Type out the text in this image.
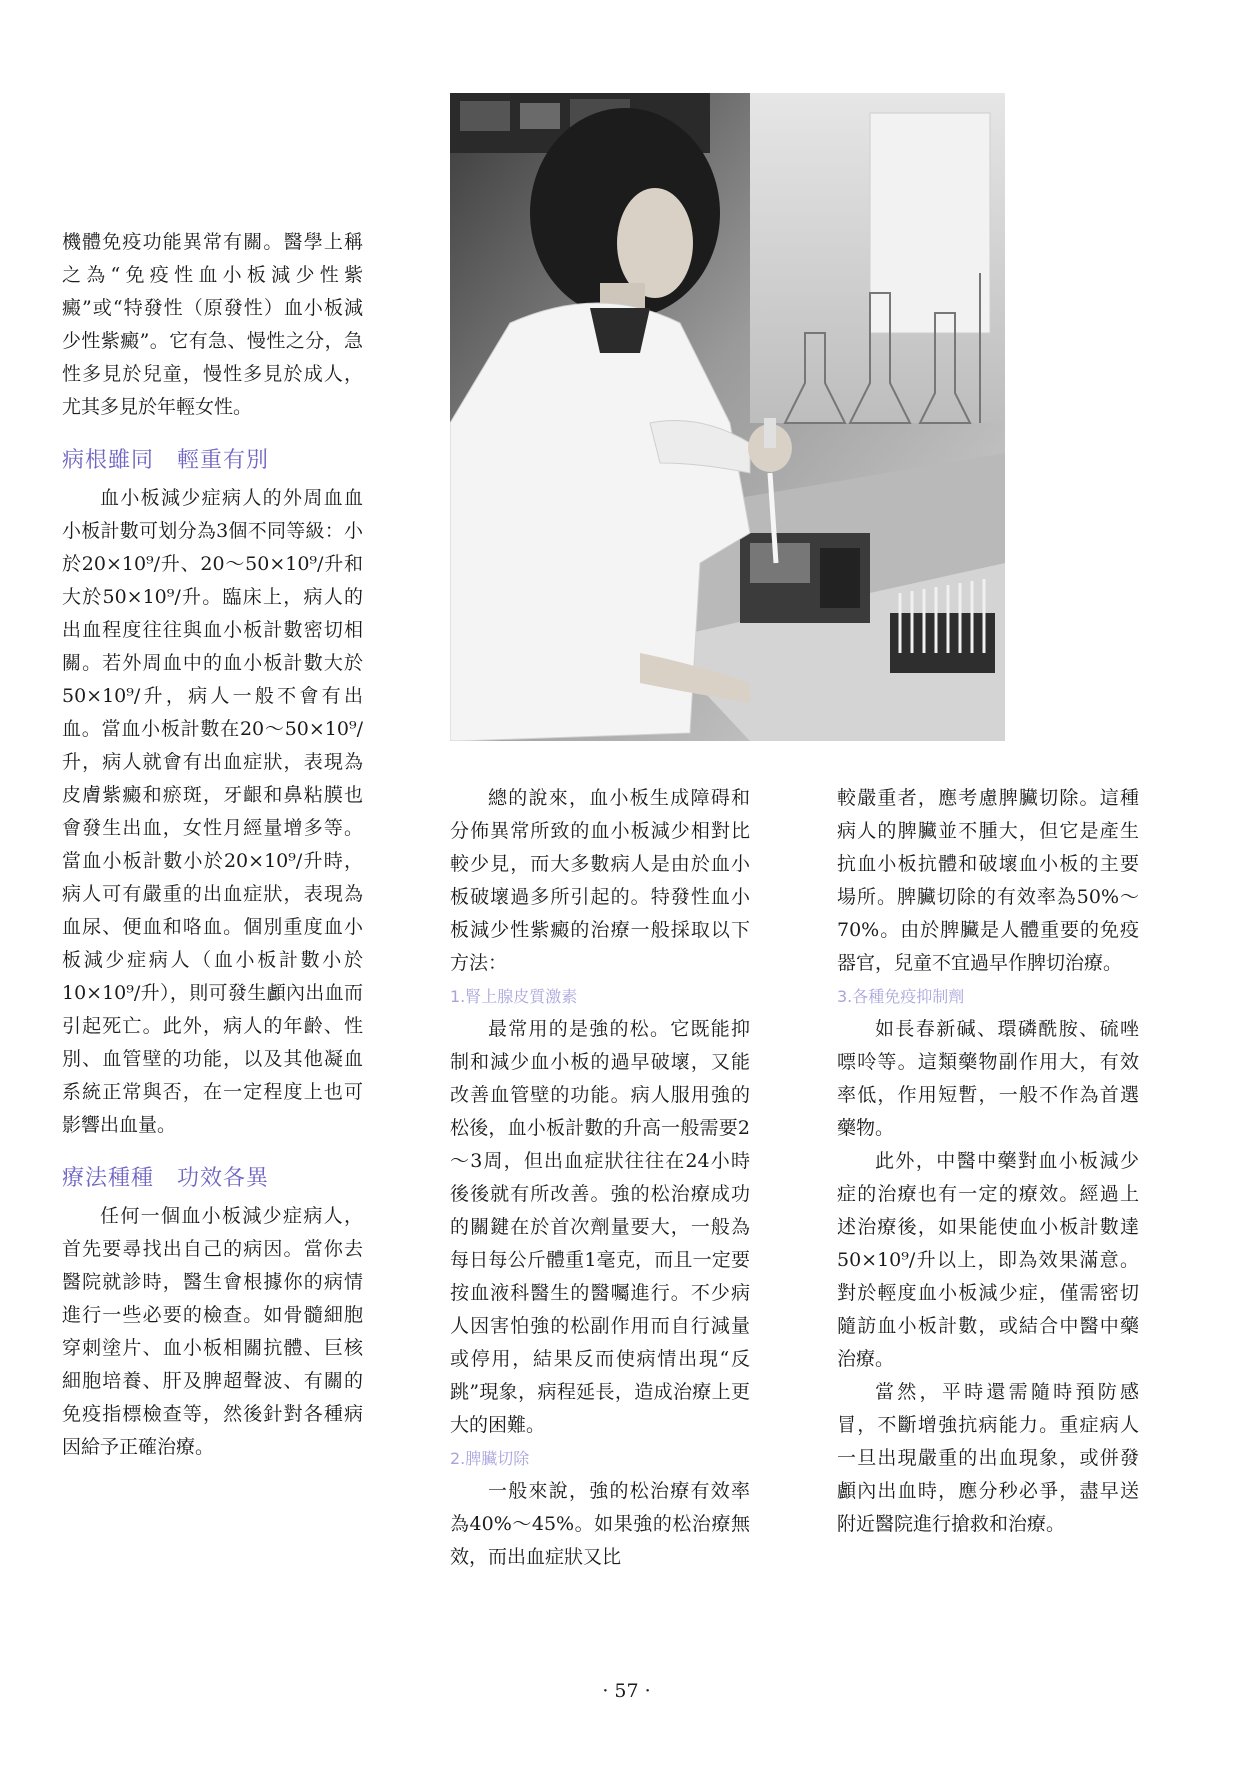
機體免疫功能異常有關。醫學上稱之為“免疫性血小板減少性紫癜”或“特發性（原發性）血小板減少性紫癜”。它有急、慢性之分，急性多見於兒童，慢性多見於成人，尤其多見於年輕女性。

病根雖同　輕重有別

血小板減少症病人的外周血血小板計數可划分為3個不同等級：小於20×10⁹/升、20～50×10⁹/升和大於50×10⁹/升。臨床上，病人的出血程度往往與血小板計數密切相關。若外周血中的血小板計數大於50×10⁹/升，病人一般不會有出血。當血小板計數在20～50×10⁹/升，病人就會有出血症狀，表現為皮膚紫癜和瘀斑，牙齦和鼻粘膜也會發生出血，女性月經量增多等。當血小板計數小於20×10⁹/升時，病人可有嚴重的出血症狀，表現為血尿、便血和咯血。個別重度血小板減少症病人（血小板計數小於10×10⁹/升），則可發生顱內出血而引起死亡。此外，病人的年齡、性別、血管壁的功能，以及其他凝血系統正常與否，在一定程度上也可影響出血量。

療法種種　功效各異

任何一個血小板減少症病人，首先要尋找出自己的病因。當你去醫院就診時，醫生會根據你的病情進行一些必要的檢查。如骨髓細胞穿刺塗片、血小板相關抗體、巨核細胞培養、肝及脾超聲波、有關的免疫指標檢查等，然後針對各種病因給予正確治療。

總的說來，血小板生成障碍和分佈異常所致的血小板減少相對比較少見，而大多數病人是由於血小板破壞過多所引起的。特發性血小板減少性紫癜的治療一般採取以下方法：

1.腎上腺皮質激素

最常用的是強的松。它既能抑制和減少血小板的過早破壞，又能改善血管壁的功能。病人服用強的松後，血小板計數的升高一般需要2～3周，但出血症狀往往在24小時後後就有所改善。強的松治療成功的關鍵在於首次劑量要大，一般為每日每公斤體重1毫克，而且一定要按血液科醫生的醫囑進行。不少病人因害怕強的松副作用而自行減量或停用，結果反而使病情出現“反跳”現象，病程延長，造成治療上更大的困難。

2.脾臟切除

一般來說，強的松治療有效率為40%～45%。如果強的松治療無效，而出血症狀又比

較嚴重者，應考慮脾臟切除。這種病人的脾臟並不腫大，但它是產生抗血小板抗體和破壞血小板的主要場所。脾臟切除的有效率為50%～70%。由於脾臟是人體重要的免疫器官，兒童不宜過早作脾切治療。

3.各種免疫抑制劑

如長春新碱、環磷酰胺、硫唑嘌呤等。這類藥物副作用大，有效率低，作用短暫，一般不作為首選藥物。

此外，中醫中藥對血小板減少症的治療也有一定的療效。經過上述治療後，如果能使血小板計數達50×10⁹/升以上，即為效果滿意。對於輕度血小板減少症，僅需密切隨訪血小板計數，或結合中醫中藥治療。

當然，平時還需隨時預防感冒，不斷增強抗病能力。重症病人一旦出現嚴重的出血現象，或併發顱內出血時，應分秒必爭，盡早送附近醫院進行搶救和治療。

· 57 ·
